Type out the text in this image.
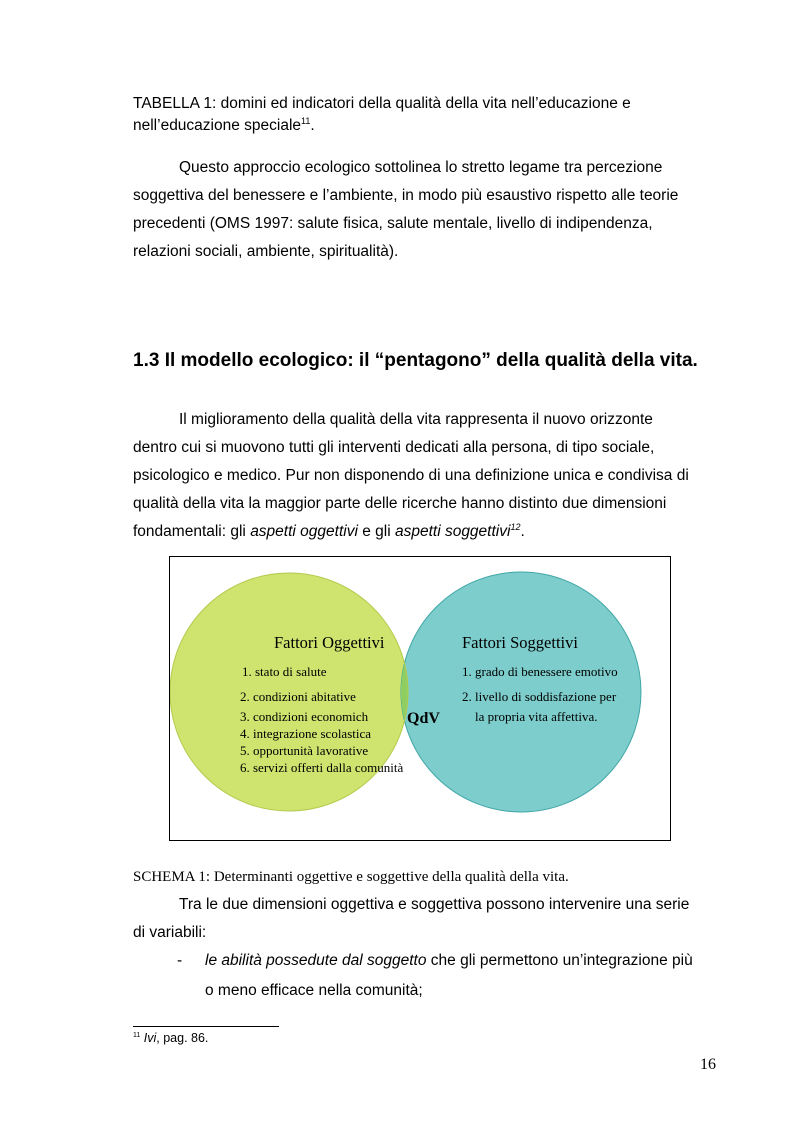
TABELLA 1: domini ed indicatori della qualità della vita nell’educazione e
nell’educazione speciale$^{11}$.
Questo approccio ecologico sottolinea lo stretto legame tra percezione
soggettiva del benessere e l’ambiente, in modo più esaustivo rispetto alle teorie
precedenti (OMS 1997: salute fisica, salute mentale, livello di indipendenza,
relazioni sociali, ambiente, spiritualità).
1.3 Il modello ecologico: il “pentagono” della qualità della vita.
Il miglioramento della qualità della vita rappresenta il nuovo orizzonte
dentro cui si muovono tutti gli interventi dedicati alla persona, di tipo sociale,
psicologico e medico. Pur non disponendo di una definizione unica e condivisa di
qualità della vita la maggior parte delle ricerche hanno distinto due dimensioni
fondamentali: gli aspetti oggettivi e gli aspetti soggettivi$^{12}$.
Fattori Oggettivi
1. stato di salute
2. condizioni abitative
3. condizioni economich
4. integrazione scolastica
5. opportunità lavorative
6. servizi offerti dalla comunità
QdV
Fattori Soggettivi
1. grado di benessere emotivo
2. livello di soddisfazione per
la propria vita affettiva.
SCHEMA 1: Determinanti oggettive e soggettive della qualità della vita.
Tra le due dimensioni oggettiva e soggettiva possono intervenire una serie
di variabili:
- le abilità possedute dal soggetto che gli permettono un’integrazione più
o meno efficace nella comunità;
$^{11}$ Ivi, pag. 86.
16
